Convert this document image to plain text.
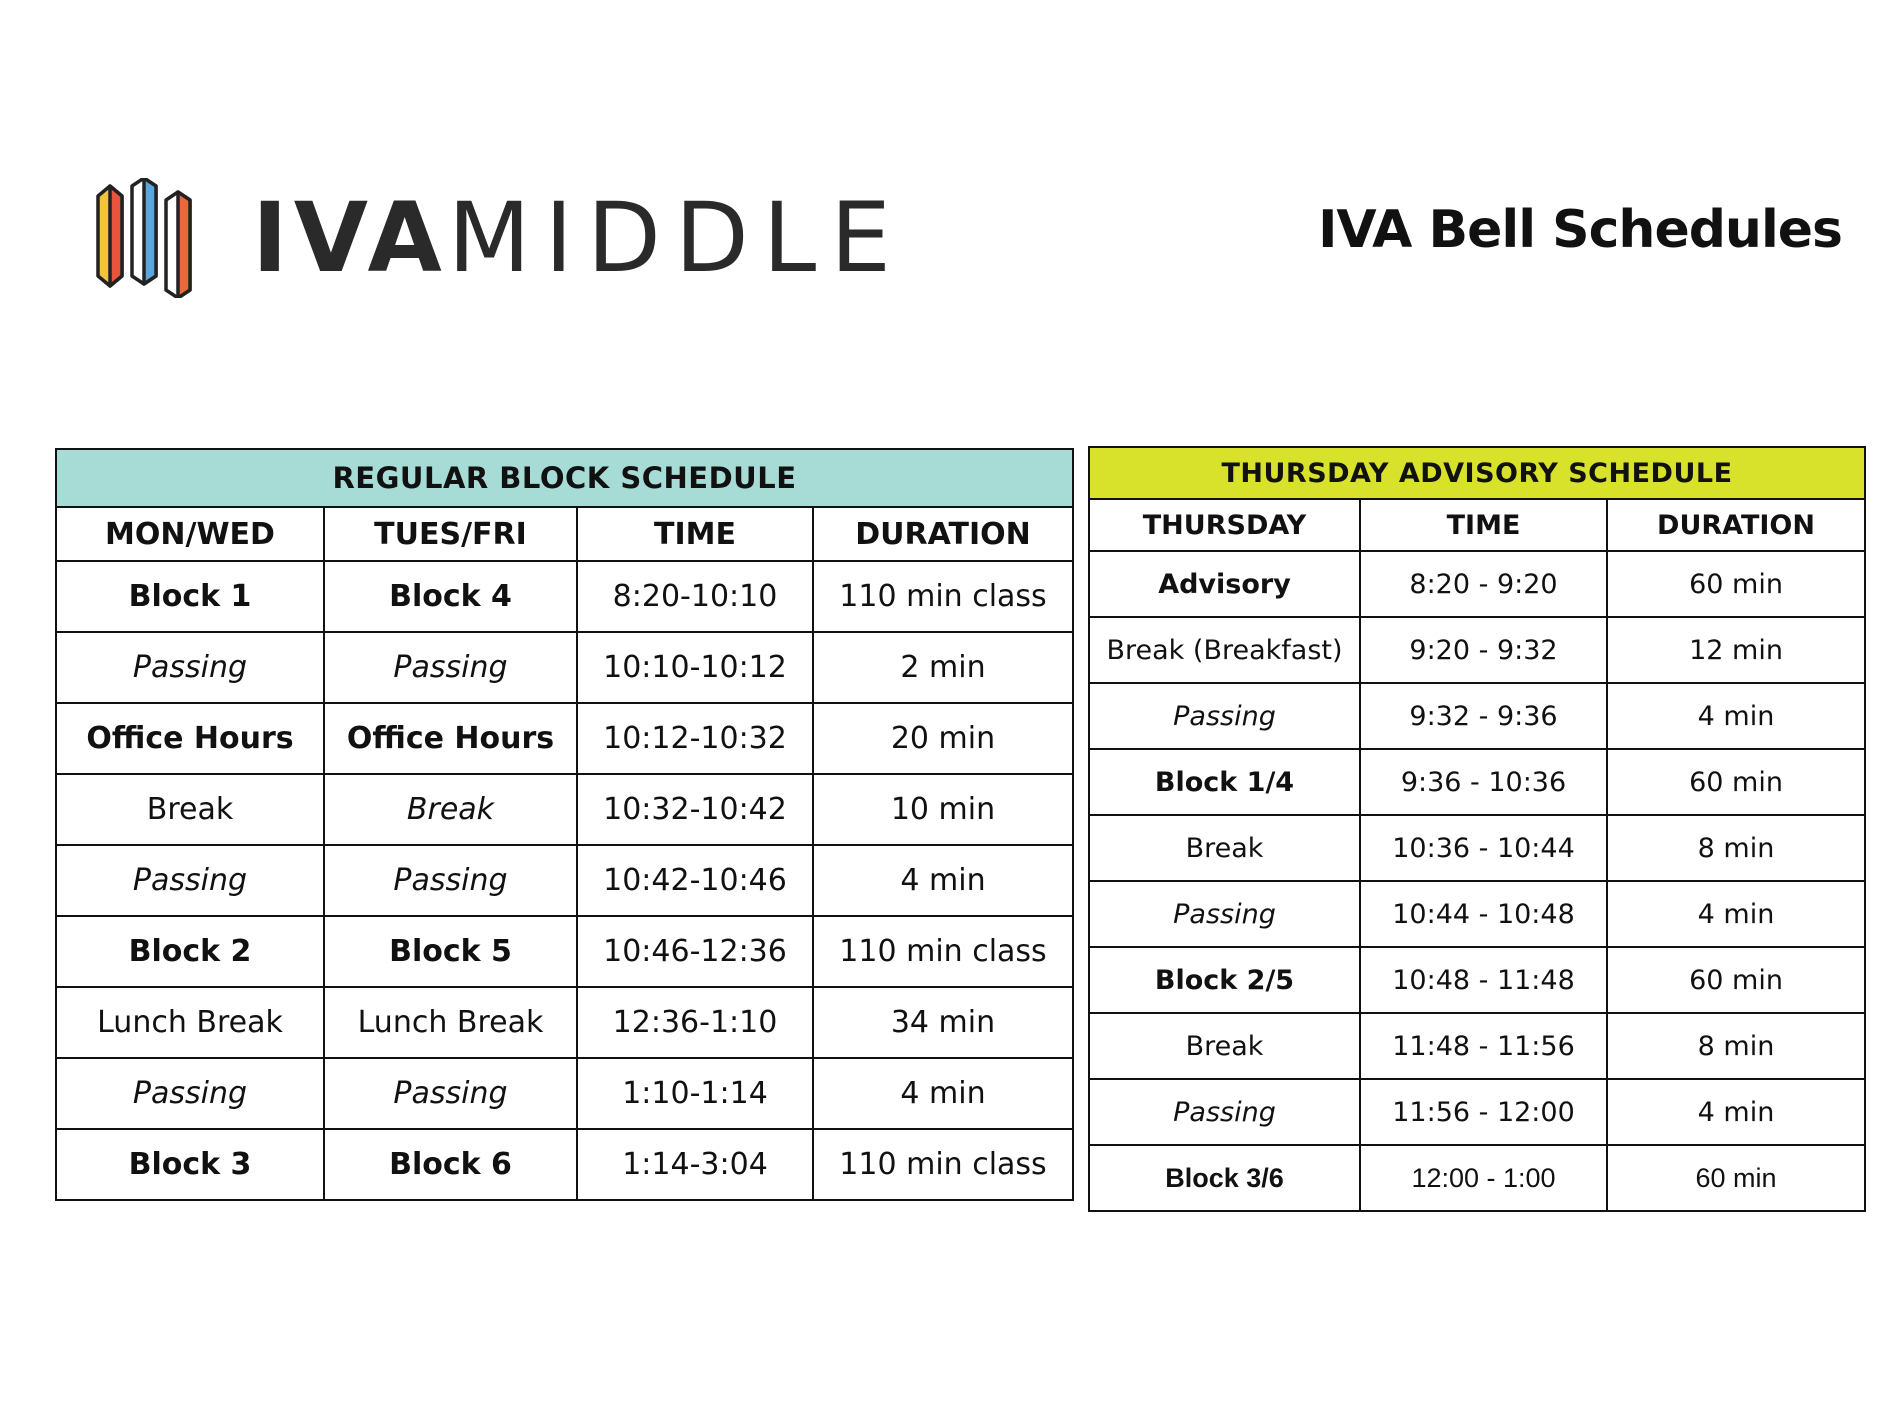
IVAMIDDLE	IVA Bell Schedules
REGULAR BLOCK SCHEDULE			
MON/WED	TUES/FRI	TIME	DURATION
Block 1	Block 4	8:20-10:10	110 min class
Passing	Passing	10:10-10:12	2 min
Office Hours	Office Hours	10:12-10:32	20 min
Break	Break	10:32-10:42	10 min
Passing	Passing	10:42-10:46	4 min
Block 2	Block 5	10:46-12:36	110 min class
Lunch Break	Lunch Break	12:36-1:10	34 min
Passing	Passing	1:10-1:14	4 min
Block 3	Block 6	1:14-3:04	110 min class
THURSDAY ADVISORY SCHEDULE		
THURSDAY	TIME	DURATION
Advisory	8:20 - 9:20	60 min
Break (Breakfast)	9:20 - 9:32	12 min
Passing	9:32 - 9:36	4 min
Block 1/4	9:36 - 10:36	60 min
Break	10:36 - 10:44	8 min
Passing	10:44 - 10:48	4 min
Block 2/5	10:48 - 11:48	60 min
Break	11:48 - 11:56	8 min
Passing	11:56 - 12:00	4 min
Block 3/6	12:00 - 1:00	60 min
